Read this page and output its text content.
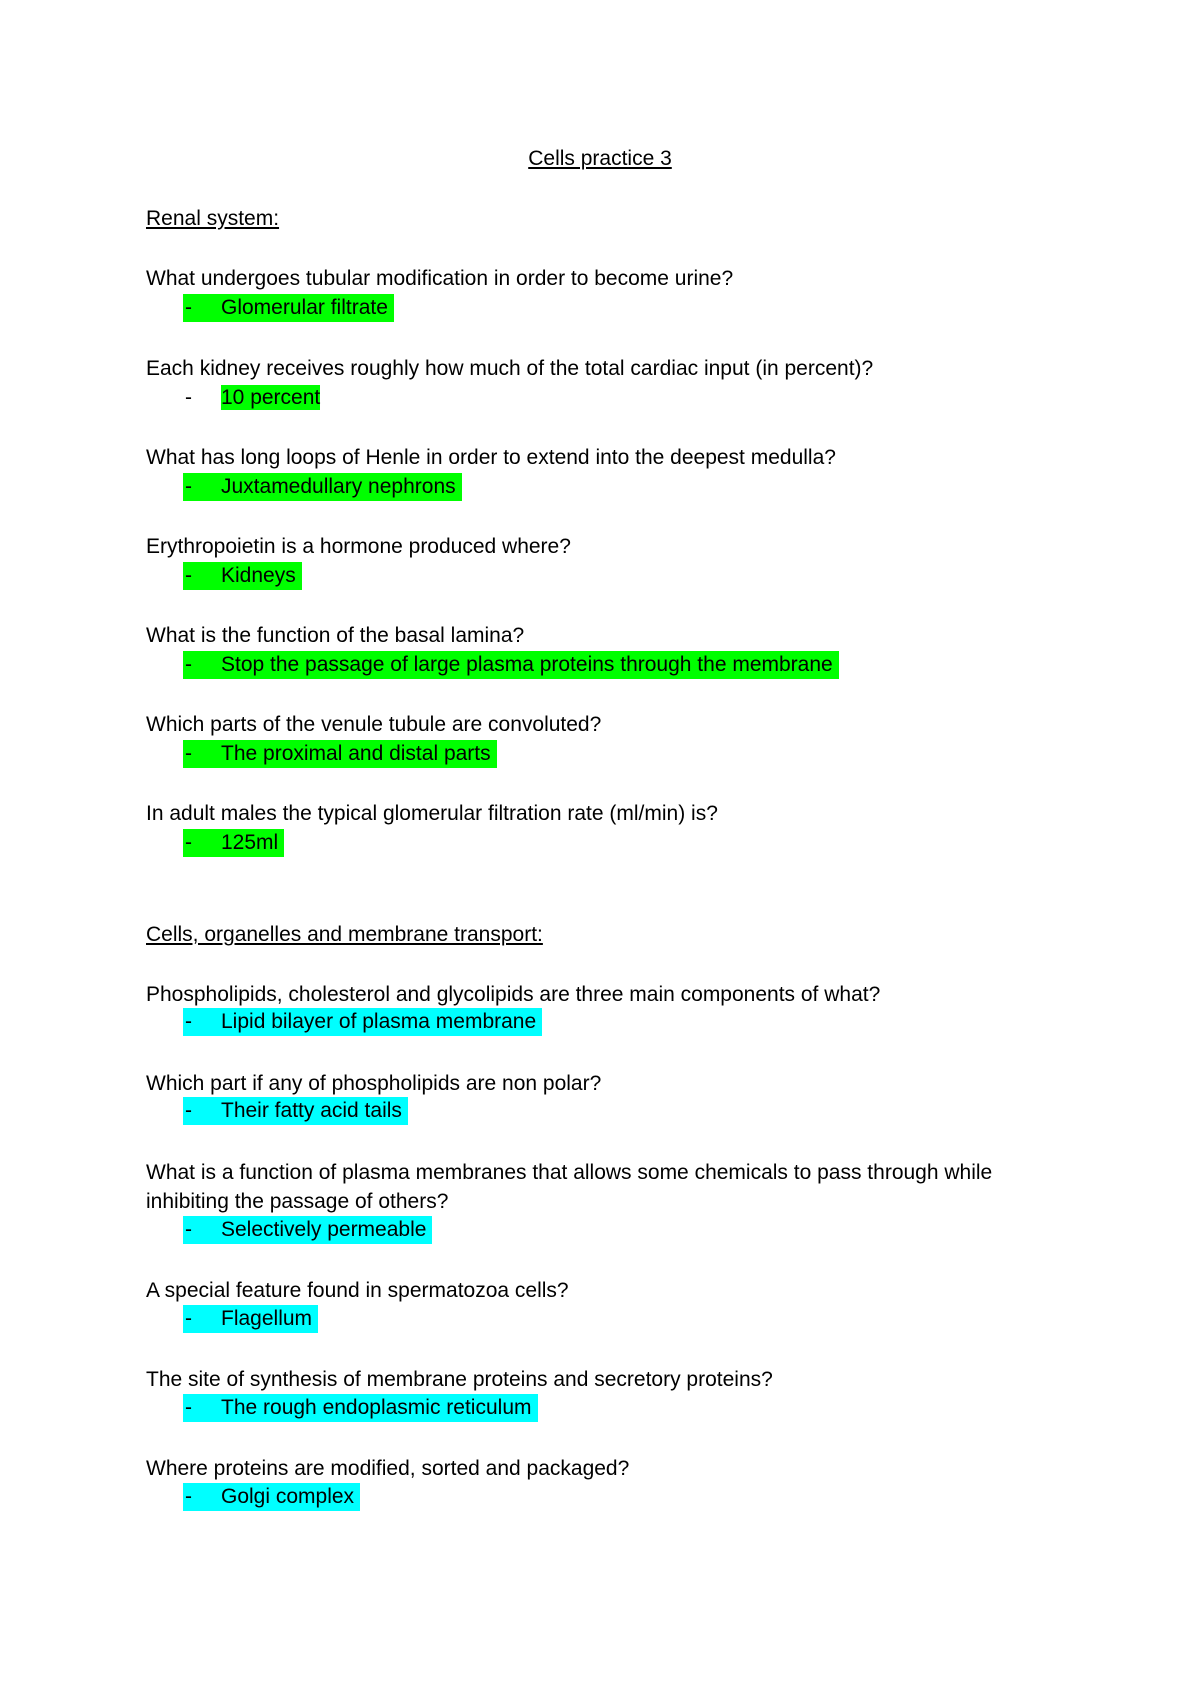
Cells practice 3
Renal system:
What undergoes tubular modification in order to become urine?
- Glomerular filtrate
Each kidney receives roughly how much of the total cardiac input (in percent)?
- 10 percent
What has long loops of Henle in order to extend into the deepest medulla?
- Juxtamedullary nephrons
Erythropoietin is a hormone produced where?
- Kidneys
What is the function of the basal lamina?
- Stop the passage of large plasma proteins through the membrane
Which parts of the venule tubule are convoluted?
- The proximal and distal parts
In adult males the typical glomerular filtration rate (ml/min) is?
- 125ml
Cells, organelles and membrane transport:
Phospholipids, cholesterol and glycolipids are three main components of what?
- Lipid bilayer of plasma membrane
Which part if any of phospholipids are non polar?
- Their fatty acid tails
What is a function of plasma membranes that allows some chemicals to pass through while inhibiting the passage of others?
- Selectively permeable
A special feature found in spermatozoa cells?
- Flagellum
The site of synthesis of membrane proteins and secretory proteins?
- The rough endoplasmic reticulum
Where proteins are modified, sorted and packaged?
- Golgi complex
